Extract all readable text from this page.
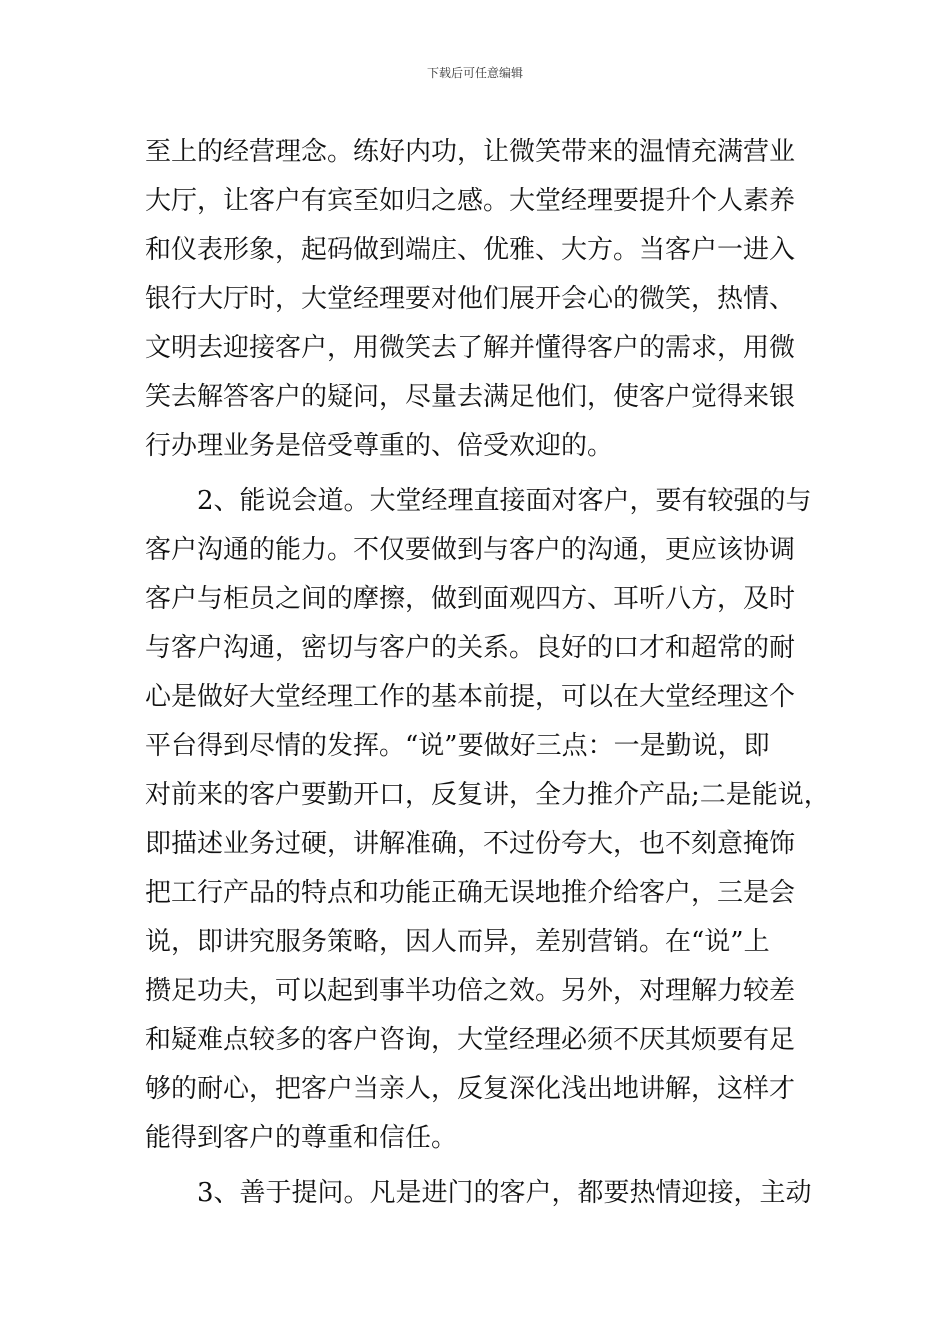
下载后可任意编辑
至上的经营理念。练好内功，让微笑带来的温情充满营业
大厅，让客户有宾至如归之感。大堂经理要提升个人素养
和仪表形象，起码做到端庄、优雅、大方。当客户一进入
银行大厅时，大堂经理要对他们展开会心的微笑，热情、
文明去迎接客户，用微笑去了解并懂得客户的需求，用微
笑去解答客户的疑问，尽量去满足他们，使客户觉得来银
行办理业务是倍受尊重的、倍受欢迎的。
2、能说会道。大堂经理直接面对客户，要有较强的与
客户沟通的能力。不仅要做到与客户的沟通，更应该协调
客户与柜员之间的摩擦，做到面观四方、耳听八方，及时
与客户沟通，密切与客户的关系。良好的口才和超常的耐
心是做好大堂经理工作的基本前提，可以在大堂经理这个
平台得到尽情的发挥。“说”要做好三点：一是勤说，即
对前来的客户要勤开口，反复讲，全力推介产品;二是能说，
即描述业务过硬，讲解准确，不过份夸大，也不刻意掩饰
把工行产品的特点和功能正确无误地推介给客户，三是会
说，即讲究服务策略，因人而异，差别营销。在“说”上
攒足功夫，可以起到事半功倍之效。另外，对理解力较差
和疑难点较多的客户咨询，大堂经理必须不厌其烦要有足
够的耐心，把客户当亲人，反复深化浅出地讲解，这样才
能得到客户的尊重和信任。
3、善于提问。凡是进门的客户，都要热情迎接，主动
